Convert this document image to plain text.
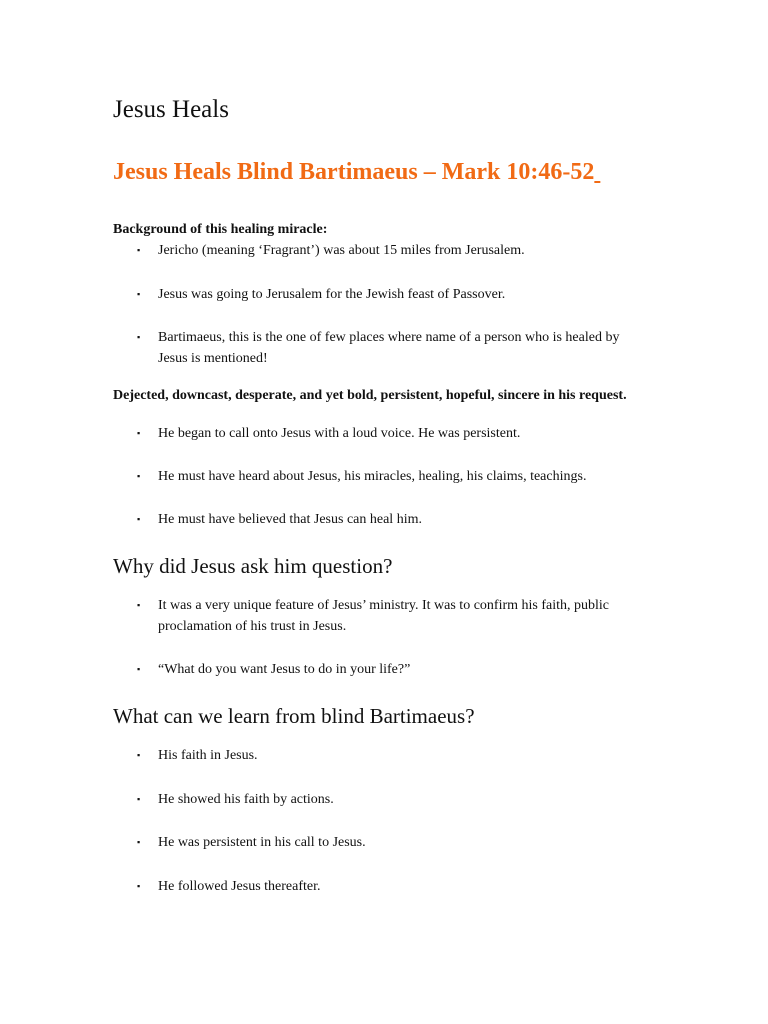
Jesus Heals
Jesus Heals Blind Bartimaeus – Mark 10:46-52
Background of this healing miracle:
▪ Jericho (meaning ‘Fragrant’) was about 15 miles from Jerusalem.
▪ Jesus was going to Jerusalem for the Jewish feast of Passover.
▪ Bartimaeus, this is the one of few places where name of a person who is healed by Jesus is mentioned!
Dejected, downcast, desperate, and yet bold, persistent, hopeful, sincere in his request.
▪ He began to call onto Jesus with a loud voice. He was persistent.
▪ He must have heard about Jesus, his miracles, healing, his claims, teachings.
▪ He must have believed that Jesus can heal him.
Why did Jesus ask him question?
▪ It was a very unique feature of Jesus’ ministry. It was to confirm his faith, public proclamation of his trust in Jesus.
▪ “What do you want Jesus to do in your life?”
What can we learn from blind Bartimaeus?
▪ His faith in Jesus.
▪ He showed his faith by actions.
▪ He was persistent in his call to Jesus.
▪ He followed Jesus thereafter.
